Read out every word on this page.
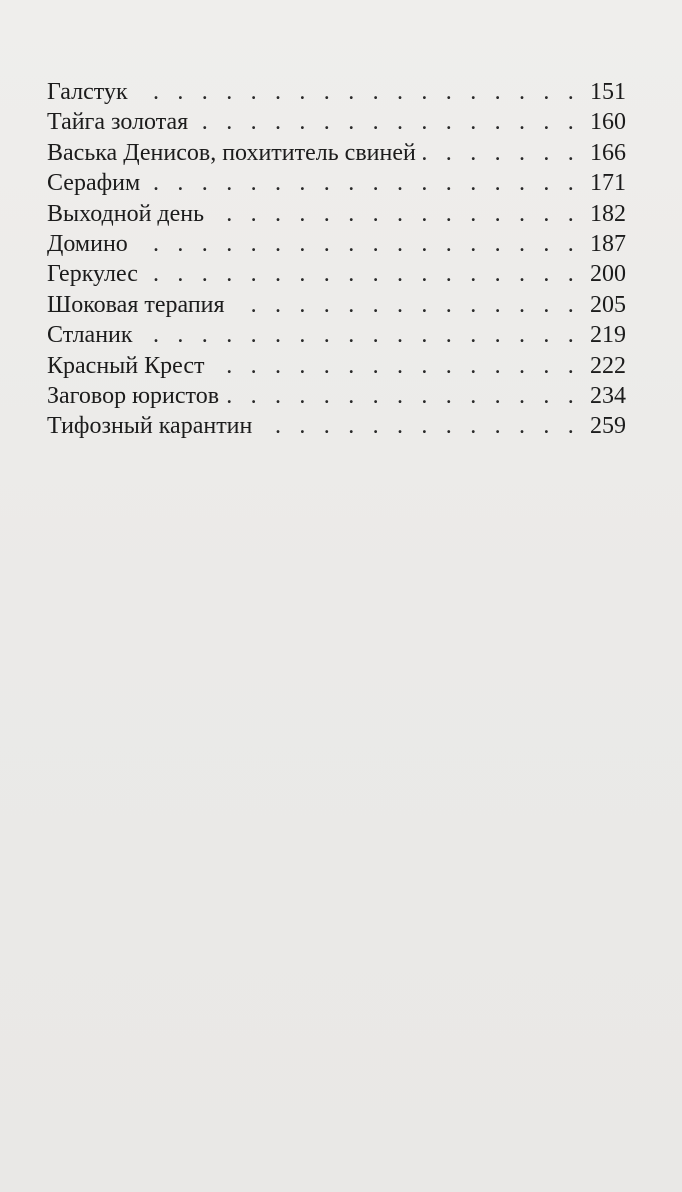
Галстук . . .	151
Тайга золотая . . .	160
Васька Денисов, похититель свиней . . .	166
Серафим . . .	171
Выходной день . . .	182
Домино . . .	187
Геркулес . . .	200
Шоковая терапия . . .	205
Стланик . . .	219
Красный Крест . . .	222
Заговор юристов . . .	234
Тифозный карантин . . .	259
